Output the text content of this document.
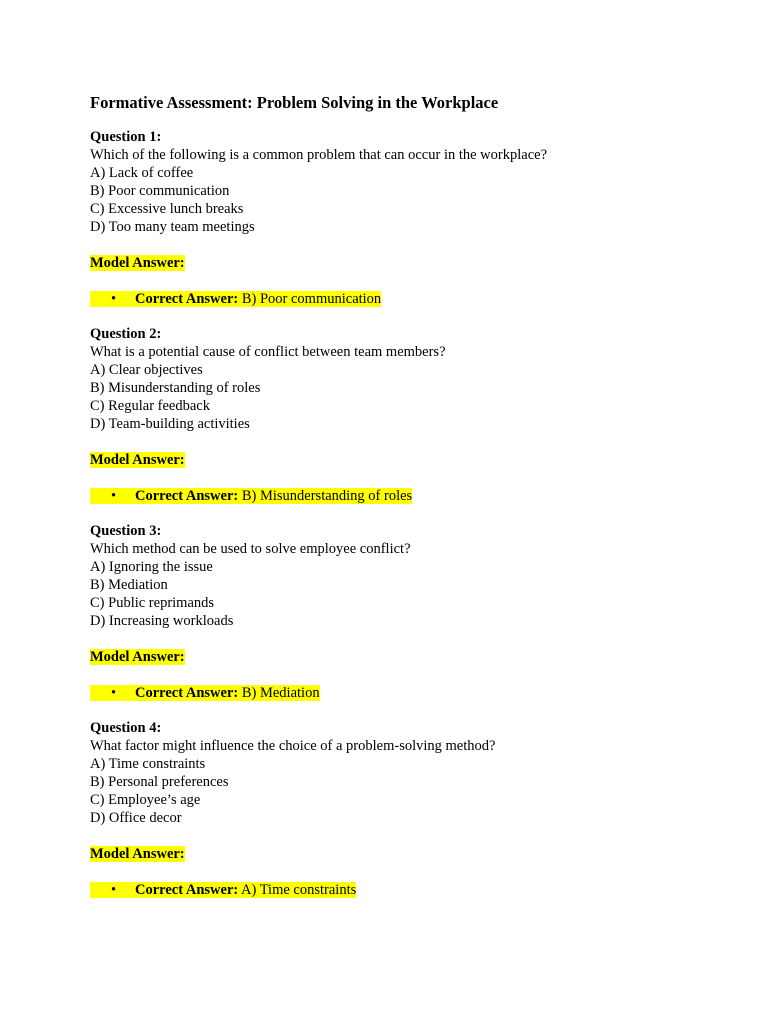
Formative Assessment: Problem Solving in the Workplace

Question 1:

Which of the following is a common problem that can occur in the workplace?

A) Lack of coffee

B) Poor communication

C) Excessive lunch breaks

D) Too many team meetings

Model Answer:

• Correct Answer: B) Poor communication

Question 2:

What is a potential cause of conflict between team members?

A) Clear objectives

B) Misunderstanding of roles

C) Regular feedback

D) Team-building activities

Model Answer:

• Correct Answer: B) Misunderstanding of roles

Question 3:

Which method can be used to solve employee conflict?

A) Ignoring the issue

B) Mediation

C) Public reprimands

D) Increasing workloads

Model Answer:

• Correct Answer: B) Mediation

Question 4:

What factor might influence the choice of a problem-solving method?

A) Time constraints

B) Personal preferences

C) Employee’s age

D) Office decor

Model Answer:

• Correct Answer: A) Time constraints
